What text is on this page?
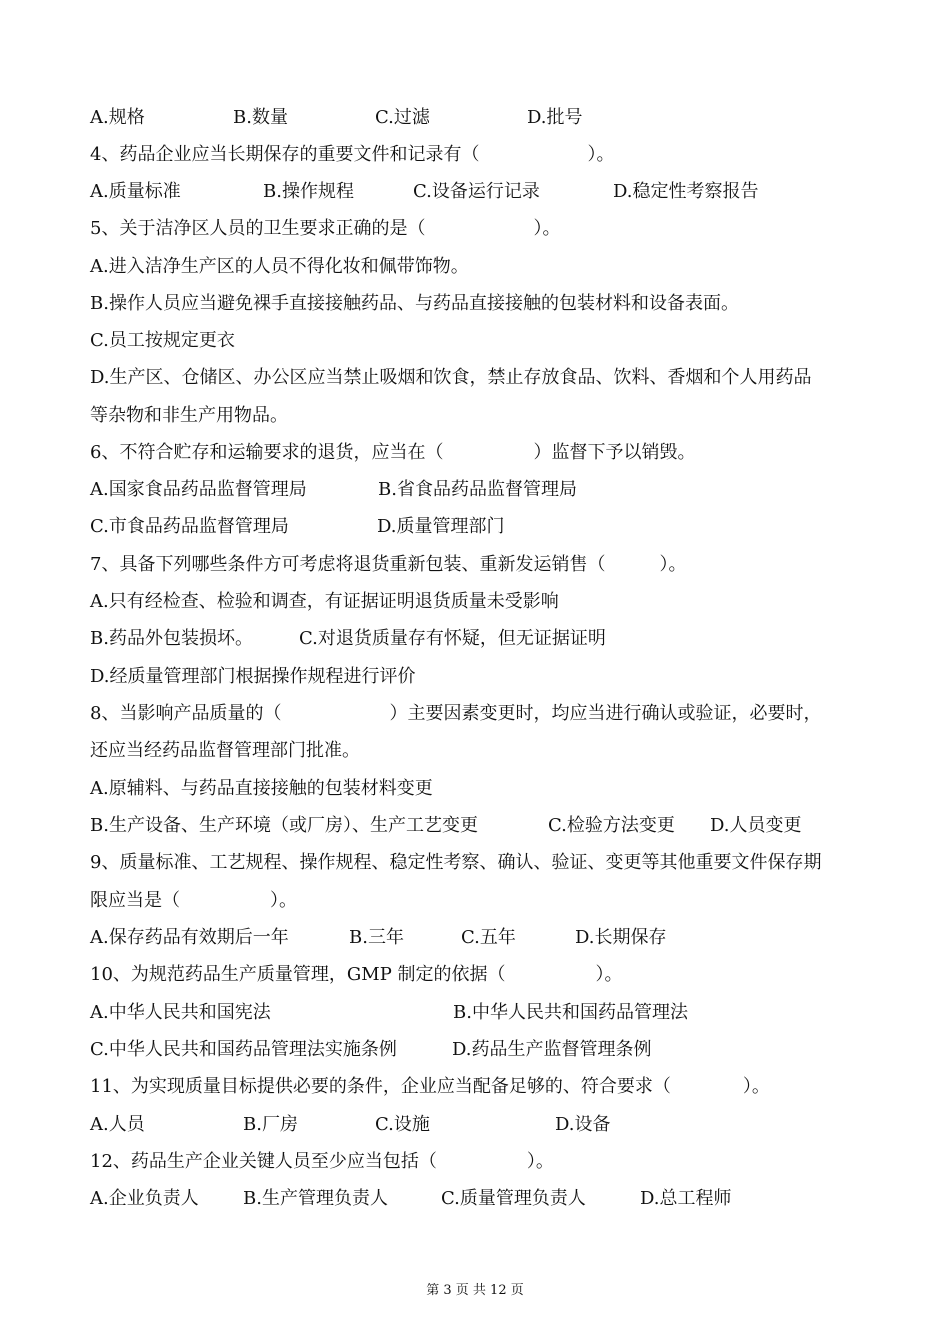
A.规格	B.数量	C.过滤	D.批号
4、药品企业应当长期保存的重要文件和记录有（　　　　　　）。
A.质量标准	B.操作规程	C.设备运行记录	D.稳定性考察报告
5、关于洁净区人员的卫生要求正确的是（　　　　　　）。
A.进入洁净生产区的人员不得化妆和佩带饰物。
B.操作人员应当避免裸手直接接触药品、与药品直接接触的包装材料和设备表面。
C.员工按规定更衣
D.生产区、仓储区、办公区应当禁止吸烟和饮食，禁止存放食品、饮料、香烟和个人用药品
等杂物和非生产用物品。
6、不符合贮存和运输要求的退货，应当在（　　　　　）监督下予以销毁。
A.国家食品药品监督管理局	B.省食品药品监督管理局
C.市食品药品监督管理局	D.质量管理部门
7、具备下列哪些条件方可考虑将退货重新包装、重新发运销售（　　　）。
A.只有经检查、检验和调查，有证据证明退货质量未受影响
B.药品外包装损坏。	C.对退货质量存有怀疑，但无证据证明
D.经质量管理部门根据操作规程进行评价
8、当影响产品质量的（　　　　　　）主要因素变更时，均应当进行确认或验证，必要时，
还应当经药品监督管理部门批准。
A.原辅料、与药品直接接触的包装材料变更
B.生产设备、生产环境（或厂房）、生产工艺变更	C.检验方法变更 D.人员变更
9、质量标准、工艺规程、操作规程、稳定性考察、确认、验证、变更等其他重要文件保存期
限应当是（　　　　　）。
A.保存药品有效期后一年	B.三年	C.五年	D.长期保存
10、为规范药品生产质量管理，GMP 制定的依据（　　　　　）。
A.中华人民共和国宪法	B.中华人民共和国药品管理法
C.中华人民共和国药品管理法实施条例	D.药品生产监督管理条例
11、为实现质量目标提供必要的条件，企业应当配备足够的、符合要求（　　　　）。
A.人员	B.厂房	C.设施	D.设备
12、药品生产企业关键人员至少应当包括（　　　　　）。
A.企业负责人 B.生产管理负责人	C.质量管理负责人	D.总工程师
第 3 页 共 12 页
